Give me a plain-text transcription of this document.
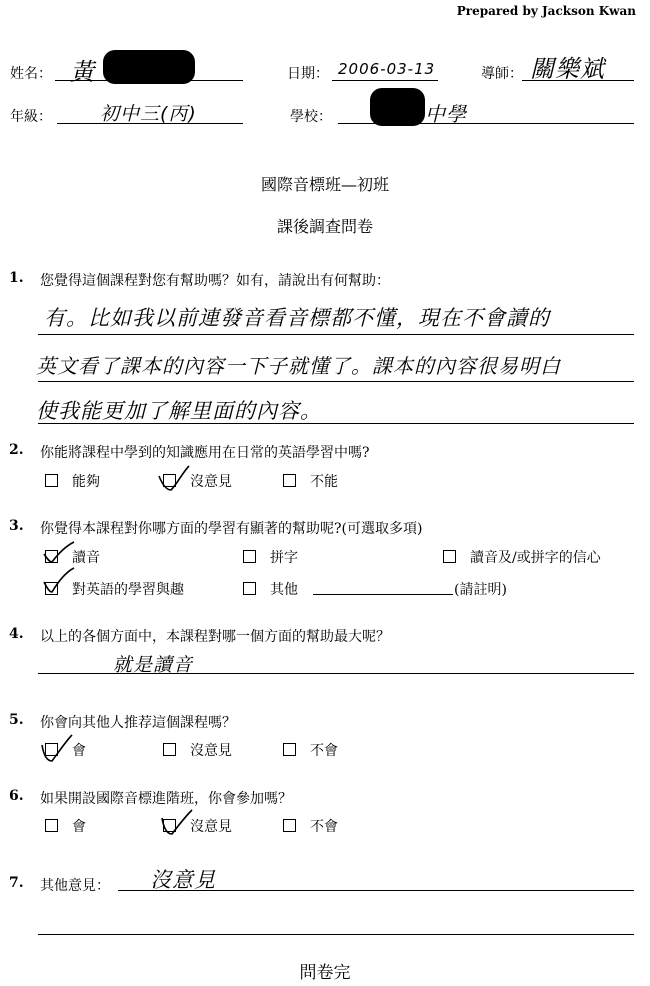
Prepared by Jackson Kwan
姓名： 黃	日期： 2006-03-13	導師： 關樂斌
年級：	初中三(丙)	學校：	中學
國際音標班—初班
課後調查問卷
1. 您覺得這個課程對您有幫助嗎？如有，請說出有何幫助：
有。比如我以前連發音看音標都不懂，現在不會讀的
英文看了課本的內容一下子就懂了。課本的內容很易明白
使我能更加了解里面的內容。
2. 你能將課程中學到的知識應用在日常的英語學習中嗎?
能夠	沒意見	不能
3. 你覺得本課程對你哪方面的學習有顯著的幫助呢?(可選取多項)
讀音	拼字	讀音及/或拼字的信心
對英語的學習與趣	其他	(請註明)
4. 以上的各個方面中，本課程對哪一個方面的幫助最大呢？
就是讀音
5. 你會向其他人推荐這個課程嗎？
會	沒意見	不會
6. 如果開設國際音標進階班，你會參加嗎？
會	沒意見	不會
7. 其他意見： 沒意見
問卷完
